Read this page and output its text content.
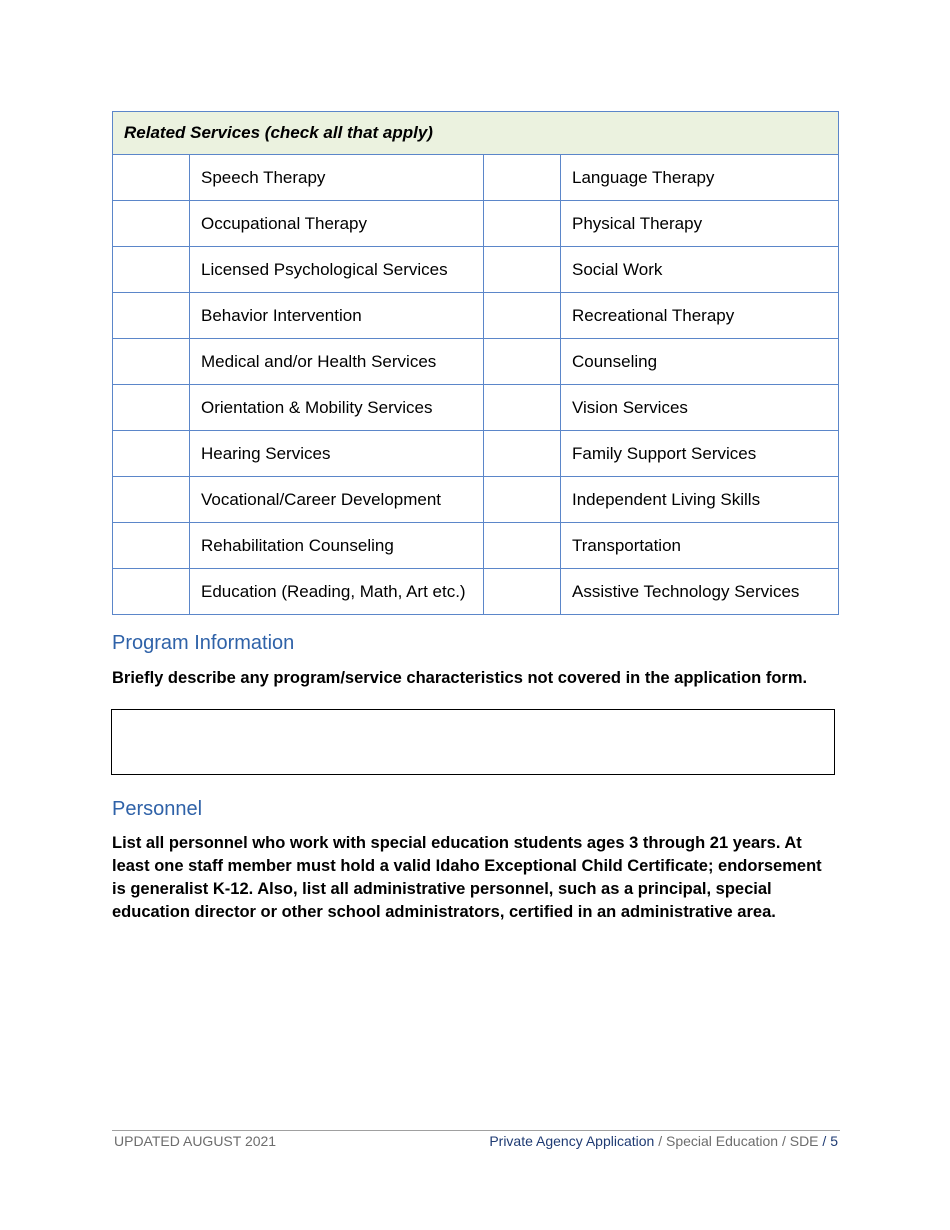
Related Services (check all that apply)			
	Speech Therapy		Language Therapy
	Occupational Therapy		Physical Therapy
	Licensed Psychological Services		Social Work
	Behavior Intervention		Recreational Therapy
	Medical and/or Health Services		Counseling
	Orientation & Mobility Services		Vision Services
	Hearing Services		Family Support Services
	Vocational/Career Development		Independent Living Skills
	Rehabilitation Counseling		Transportation
	Education (Reading, Math, Art etc.)		Assistive Technology Services
Program Information

Briefly describe any program/service characteristics not covered in the application form.

Personnel

List all personnel who work with special education students ages 3 through 21 years. At least one staff member must hold a valid Idaho Exceptional Child Certificate; endorsement is generalist K-12. Also, list all administrative personnel, such as a principal, special education director or other school administrators, certified in an administrative area.

UPDATED AUGUST 2021	Private Agency Application / Special Education / SDE / 5
